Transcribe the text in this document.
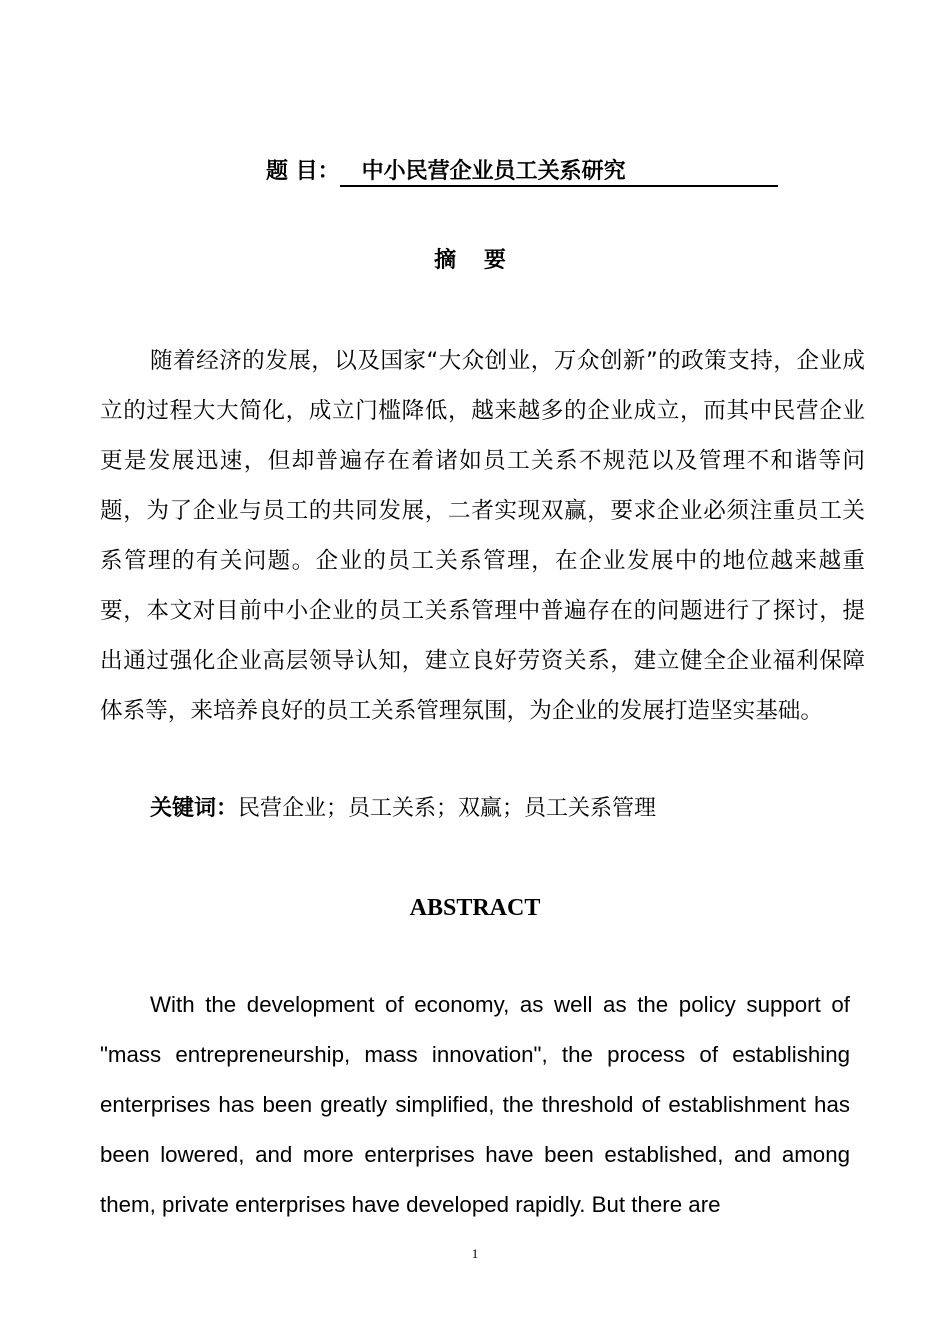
题 目： 中小民营企业员工关系研究
摘 要

随着经济的发展，以及国家“大众创业，万众创新”的政策支持，企业成立的过程大大简化，成立门槛降低，越来越多的企业成立，而其中民营企业更是发展迅速，但却普遍存在着诸如员工关系不规范以及管理不和谐等问题，为了企业与员工的共同发展，二者实现双赢，要求企业必须注重员工关系管理的有关问题。企业的员工关系管理，在企业发展中的地位越来越重要，本文对目前中小企业的员工关系管理中普遍存在的问题进行了探讨，提出通过强化企业高层领导认知，建立良好劳资关系，建立健全企业福利保障体系等，来培养良好的员工关系管理氛围，为企业的发展打造坚实基础。

关键词：民营企业；员工关系；双赢；员工关系管理
ABSTRACT

With the development of economy, as well as the policy support of "mass entrepreneurship, mass innovation", the process of establishing enterprises has been greatly simplified, the threshold of establishment has been lowered, and more enterprises have been established, and among them, private enterprises have developed rapidly. But there are

1
